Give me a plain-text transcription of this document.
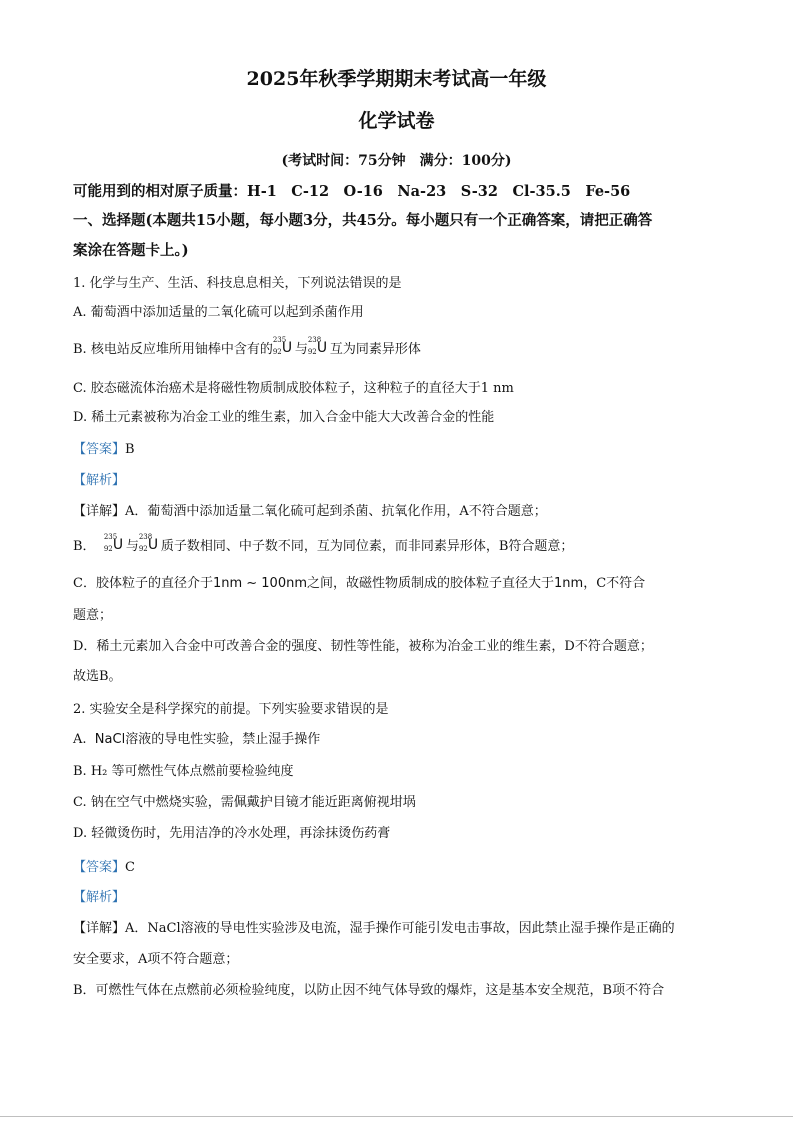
2025年秋季学期期末考试高一年级
化学试卷
(考试时间：75分钟　满分：100分)
可能用到的相对原子质量：H-1　C-12　O-16　Na-23　S-32　Cl-35.5　Fe-56
一、选择题(本题共15小题，每小题3分，共45分。每小题只有一个正确答案，请把正确答
案涂在答题卡上。)
1. 化学与生产、生活、科技息息相关，下列说法错误的是
A. 葡萄酒中添加适量的二氧化硫可以起到杀菌作用
B. 核电站反应堆所用铀棒中含有的
235
92 U 与
238
92 U 互为同素异形体
C. 胶态磁流体治癌术是将磁性物质制成胶体粒子，这种粒子的直径大于1 nm
D. 稀土元素被称为冶金工业的维生素，加入合金中能大大改善合金的性能
【答案】B
【解析】
【详解】A．葡萄酒中添加适量二氧化硫可起到杀菌、抗氧化作用，A不符合题意；
B．
235
92 U 与
238
92 U 质子数相同、中子数不同，互为同位素，而非同素异形体，B符合题意；
C．胶体粒子的直径介于1nm ~ 100nm之间，故磁性物质制成的胶体粒子直径大于1nm，C不符合
题意；
D．稀土元素加入合金中可改善合金的强度、韧性等性能，被称为冶金工业的维生素，D不符合题意；
故选B。
2. 实验安全是科学探究的前提。下列实验要求错误的是
A. NaCl溶液的导电性实验，禁止湿手操作
B. H₂ 等可燃性气体点燃前要检验纯度
C. 钠在空气中燃烧实验，需佩戴护目镜才能近距离俯视坩埚
D. 轻微烫伤时，先用洁净的冷水处理，再涂抹烫伤药膏
【答案】C
【解析】
【详解】A．NaCl溶液的导电性实验涉及电流，湿手操作可能引发电击事故，因此禁止湿手操作是正确的
安全要求，A项不符合题意；
B．可燃性气体在点燃前必须检验纯度，以防止因不纯气体导致的爆炸，这是基本安全规范，B项不符合
